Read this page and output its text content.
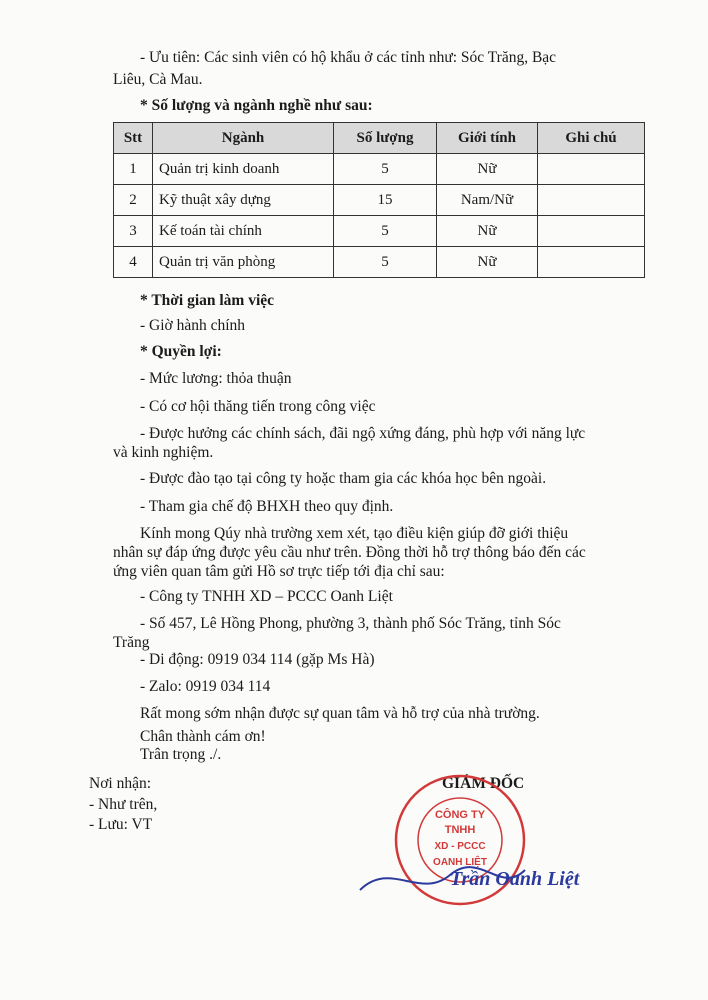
- Ưu tiên: Các sinh viên có hộ khẩu ở các tỉnh như: Sóc Trăng, Bạc
Liêu, Cà Mau.
* Số lượng và ngành nghề như sau:
Stt	Ngành	Số lượng	Giới tính	Ghi chú
1	Quản trị kinh doanh	5	Nữ	
2	Kỹ thuật xây dựng	15	Nam/Nữ	
3	Kế toán tài chính	5	Nữ	
4	Quản trị văn phòng	5	Nữ	
* Thời gian làm việc
- Giờ hành chính
* Quyền lợi:
- Mức lương: thỏa thuận
- Có cơ hội thăng tiến trong công việc
- Được hưởng các chính sách, đãi ngộ xứng đáng, phù hợp với năng lực
và kinh nghiệm.
- Được đào tạo tại công ty hoặc tham gia các khóa học bên ngoài.
- Tham gia chế độ BHXH theo quy định.
Kính mong Qúy nhà trường xem xét, tạo điều kiện giúp đỡ giới thiệu
nhân sự đáp ứng được yêu cầu như trên. Đồng thời hỗ trợ thông báo đến các
ứng viên quan tâm gửi Hồ sơ trực tiếp tới địa chỉ sau:
- Công ty TNHH XD – PCCC Oanh Liệt
- Số 457, Lê Hồng Phong, phường 3, thành phố Sóc Trăng, tỉnh Sóc
Trăng
- Di động: 0919 034 114 (gặp Ms Hà)
- Zalo: 0919 034 114
Rất mong sớm nhận được sự quan tâm và hỗ trợ của nhà trường.
Chân thành cám ơn!
Trân trọng ./.
Nơi nhận:
- Như trên,
- Lưu: VT
GIÁM ĐỐC
CÔNG TY
TNHH
XD - PCCC
OANH LIỆT
Trần Oanh Liệt
